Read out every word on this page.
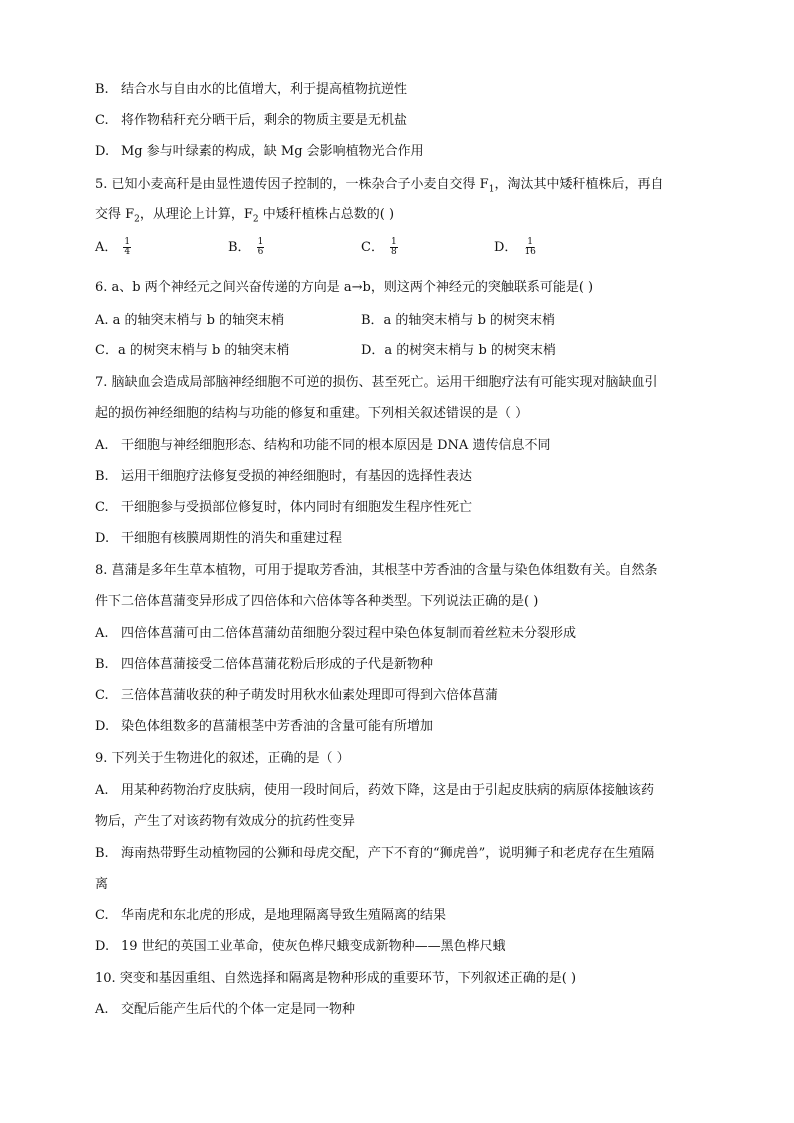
B. 结合水与自由水的比值增大，利于提高植物抗逆性
C. 将作物秸秆充分晒干后，剩余的物质主要是无机盐
D. Mg 参与叶绿素的构成，缺 Mg 会影响植物光合作用
5. 已知小麦高秆是由显性遗传因子控制的，一株杂合子小麦自交得 $F_1$，淘汰其中矮秆植株后，再自
交得 $F_2$，从理论上计算，$F_2$ 中矮秆植株占总数的( )
A． $\frac{1}{4}$	B． $\frac{1}{6}$	C． $\frac{1}{8}$	D． $\frac{1}{16}$
6. a、b 两个神经元之间兴奋传递的方向是 a→b，则这两个神经元的突触联系可能是( )
A. a 的轴突末梢与 b 的轴突末梢	B．a 的轴突末梢与 b 的树突末梢
C．a 的树突末梢与 b 的轴突末梢	D．a 的树突末梢与 b 的树突末梢
7. 脑缺血会造成局部脑神经细胞不可逆的损伤、甚至死亡。运用干细胞疗法有可能实现对脑缺血引
起的损伤神经细胞的结构与功能的修复和重建。下列相关叙述错误的是（ ）
A. 干细胞与神经细胞形态、结构和功能不同的根本原因是 DNA 遗传信息不同
B. 运用干细胞疗法修复受损的神经细胞时，有基因的选择性表达
C. 干细胞参与受损部位修复时，体内同时有细胞发生程序性死亡
D. 干细胞有核膜周期性的消失和重建过程
8. 菖蒲是多年生草本植物，可用于提取芳香油，其根茎中芳香油的含量与染色体组数有关。自然条
件下二倍体菖蒲变异形成了四倍体和六倍体等各种类型。下列说法正确的是( )
A. 四倍体菖蒲可由二倍体菖蒲幼苗细胞分裂过程中染色体复制而着丝粒未分裂形成
B. 四倍体菖蒲接受二倍体菖蒲花粉后形成的子代是新物种
C. 三倍体菖蒲收获的种子萌发时用秋水仙素处理即可得到六倍体菖蒲
D. 染色体组数多的菖蒲根茎中芳香油的含量可能有所增加
9. 下列关于生物进化的叙述，正确的是（ ）
A. 用某种药物治疗皮肤病，使用一段时间后，药效下降，这是由于引起皮肤病的病原体接触该药
物后，产生了对该药物有效成分的抗药性变异
B. 海南热带野生动植物园的公狮和母虎交配，产下不育的“狮虎兽”，说明狮子和老虎存在生殖隔
离
C. 华南虎和东北虎的形成，是地理隔离导致生殖隔离的结果
D. 19 世纪的英国工业革命，使灰色桦尺蛾变成新物种——黑色桦尺蛾
10. 突变和基因重组、自然选择和隔离是物种形成的重要环节，下列叙述正确的是( )
A. 交配后能产生后代的个体一定是同一物种
